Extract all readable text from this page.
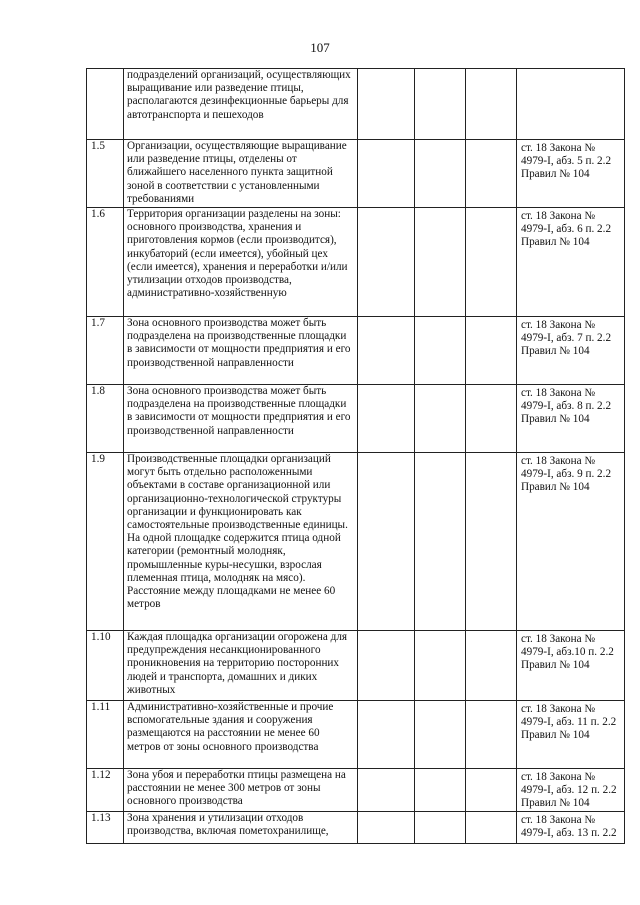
107
	подразделений организаций, осуществляющих выращивание или разведение птицы, располагаются дезинфекционные барьеры для автотранспорта и пешеходов				
1.5	Организации, осуществляющие выращивание или разведение птицы, отделены от ближайшего населенного пункта защитной зоной в соответствии с установленными требованиями				ст. 18 Закона № 4979-I, абз. 5 п. 2.2 Правил № 104
1.6	Территория организации разделены на зоны: основного производства, хранения и приготовления кормов (если производится), инкубаторий (если имеется), убойный цех (если имеется), хранения и переработки и/или утилизации отходов производства, административно-хозяйственную				ст. 18 Закона № 4979-I, абз. 6 п. 2.2 Правил № 104
1.7	Зона основного производства может быть подразделена на производственные площадки в зависимости от мощности предприятия и его производственной направленности				ст. 18 Закона № 4979-I, абз. 7 п. 2.2 Правил № 104
1.8	Зона основного производства может быть подразделена на производственные площадки в зависимости от мощности предприятия и его производственной направленности				ст. 18 Закона № 4979-I, абз. 8 п. 2.2 Правил № 104
1.9	Производственные площадки организаций могут быть отдельно расположенными объектами в составе организационной или организационно-технологической структуры организации и функционировать как самостоятельные производственные единицы. На одной площадке содержится птица одной категории (ремонтный молодняк, промышленные куры-несушки, взрослая племенная птица, молодняк на мясо). Расстояние между площадками не менее 60 метров				ст. 18 Закона № 4979-I, абз. 9 п. 2.2 Правил № 104
1.10	Каждая площадка организации огорожена для предупреждения несанкционированного проникновения на территорию посторонних людей и транспорта, домашних и диких животных				ст. 18 Закона № 4979-I, абз.10 п. 2.2 Правил № 104
1.11	Административно-хозяйственные и прочие вспомогательные здания и сооружения размещаются на расстоянии не менее 60 метров от зоны основного производства				ст. 18 Закона № 4979-I, абз. 11 п. 2.2 Правил № 104
1.12	Зона убоя и переработки птицы размещена на расстоянии не менее 300 метров от зоны основного производства				ст. 18 Закона № 4979-I, абз. 12 п. 2.2 Правил № 104
1.13	Зона хранения и утилизации отходов производства, включая пометохранилище,				ст. 18 Закона № 4979-I, абз. 13 п. 2.2
